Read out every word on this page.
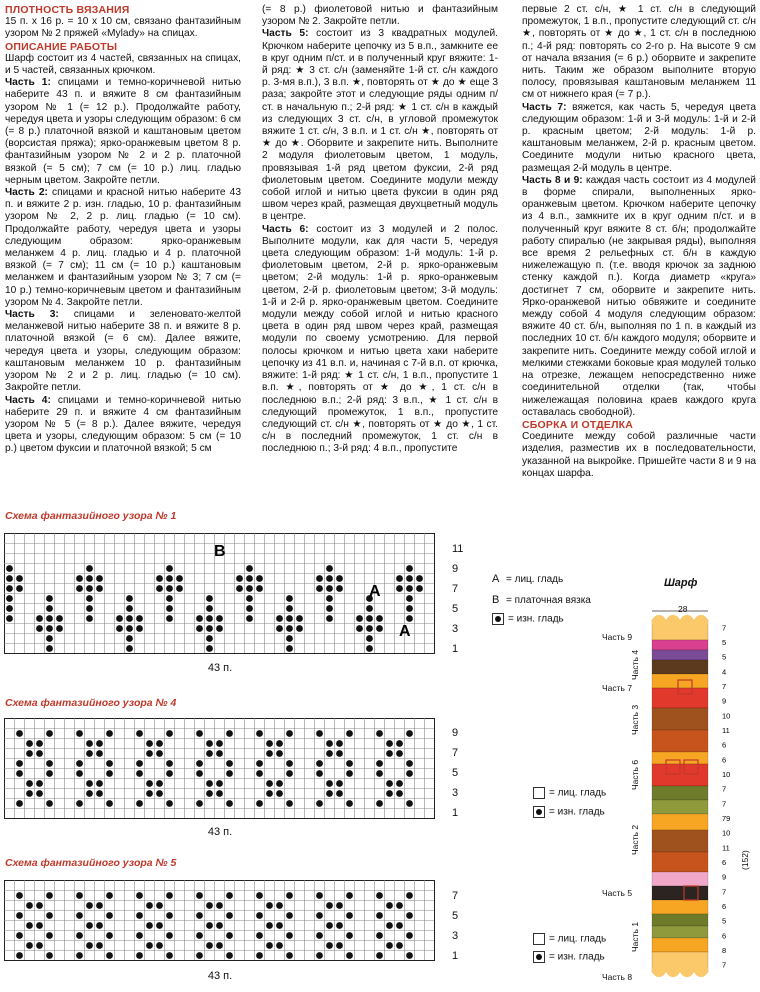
ПЛОТНОСТЬ ВЯЗАНИЯ

15 п. х 16 р. = 10 х 10 см, связано фантазийным узором № 2 пряжей «Mylady» на спицах.

ОПИСАНИЕ РАБОТЫ

Шарф состоит из 4 частей, связанных на спицах, и 5 частей, связанных крючком.

Часть 1: спицами и темно-коричневой нитью наберите 43 п. и вяжите 8 см фантазийным узором № 1 (= 12 р.). Продолжайте работу, чередуя цвета и узоры следующим образом: 6 см (= 8 р.) платочной вязкой и каштановым цветом (ворсистая пряжа); ярко-оранжевым цветом 8 р. фантазийным узором № 2 и 2 р. платочной вязкой (= 5 см); 7 см (= 10 р.) лиц. гладью черным цветом. Закройте петли.

Часть 2: спицами и красной нитью наберите 43 п. и вяжите 2 р. изн. гладью, 10 р. фантазийным узором № 2, 2 р. лиц. гладью (= 10 см). Продолжайте работу, чередуя цвета и узоры следующим образом: ярко-оранжевым меланжем 4 р. лиц. гладью и 4 р. платочной вязкой (= 7 см); 11 см (= 10 р.) каштановым меланжем и фантазийным узором № 3; 7 см (= 10 р.) темно-коричневым цветом и фантазийным узором № 4. Закройте петли.

Часть 3: спицами и зеленовато-желтой меланжевой нитью наберите 38 п. и вяжите 8 р. платочной вязкой (= 6 см). Далее вяжите, чередуя цвета и узоры, следующим образом: каштановым меланжем 10 р. фантазийным узором № 2 и 2 р. лиц. гладью (= 10 см). Закройте петли.

Часть 4: спицами и темно-коричневой нитью наберите 29 п. и вяжите 4 см фантазийным узором № 5 (= 8 р.). Далее вяжите, чередуя цвета и узоры, следующим образом: 5 см (= 10 р.) цветом фуксии и платочной вязкой; 5 см

(= 8 р.) фиолетовой нитью и фантазийным узором № 2. Закройте петли.

Часть 5: состоит из 3 квадратных модулей. Крючком наберите цепочку из 5 в.п., замкните ее в круг одним п/ст. и в полученный круг вяжите: 1-й ряд: ★ 3 ст. с/н (заменяйте 1-й ст. с/н каждого р. 3-мя в.п.), 3 в.п. ★, повторять от ★ до ★ еще 3 раза; закройте этот и следующие ряды одним п/ст. в начальную п.; 2-й ряд: ★ 1 ст. с/н в каждый из следующих 3 ст. с/н, в угловой промежуток вяжите 1 ст. с/н, 3 в.п. и 1 ст. с/н ★, повторять от ★ до ★. Оборвите и закрепите нить. Выполните 2 модуля фиолетовым цветом, 1 модуль, провязывая 1-й ряд цветом фуксии, 2-й ряд фиолетовым цветом. Соедините модули между собой иглой и нитью цвета фуксии в один ряд швом через край, размещая двухцветный модуль в центре.

Часть 6: состоит из 3 модулей и 2 полос. Выполните модули, как для части 5, чередуя цвета следующим образом: 1-й модуль: 1-й р. фиолетовым цветом, 2-й р. ярко-оранжевым цветом; 2-й модуль: 1-й р. ярко-оранжевым цветом, 2-й р. фиолетовым цветом; 3-й модуль: 1-й и 2-й р. ярко-оранжевым цветом. Соедините модули между собой иглой и нитью красного цвета в один ряд швом через край, размещая модули по своему усмотрению. Для первой полосы крючком и нитью цвета хаки наберите цепочку из 41 в.п. и, начиная с 7-й в.п. от крючка, вяжите: 1-й ряд: ★ 1 ст. с/н, 1 в.п., пропустите 1 в.п. ★, повторять от ★ до ★, 1 ст. с/н в последнюю в.п.; 2-й ряд: 3 в.п., ★ 1 ст. с/н в следующий промежуток, 1 в.п., пропустите следующий ст. с/н ★, повторять от ★ до ★, 1 ст. с/н в последний промежуток, 1 ст. с/н в последнюю п.; 3-й ряд: 4 в.п., пропустите

первые 2 ст. с/н, ★ 1 ст. с/н в следующий промежуток, 1 в.п., пропустите следующий ст. с/н ★, повторять от ★ до ★, 1 ст. с/н в последнюю п.; 4-й ряд: повторять со 2-го р. На высоте 9 см от начала вязания (= 6 р.) оборвите и закрепите нить. Таким же образом выполните вторую полосу, провязывая каштановым меланжем 11 см от нижнего края (= 7 р.).

Часть 7: вяжется, как часть 5, чередуя цвета следующим образом: 1-й и 3-й модуль: 1-й и 2-й р. красным цветом; 2-й модуль: 1-й р. каштановым меланжем, 2-й р. красным цветом. Соедините модули нитью красного цвета, размещая 2-й модуль в центре.

Часть 8 и 9: каждая часть состоит из 4 модулей в форме спирали, выполненных ярко-оранжевым цветом. Крючком наберите цепочку из 4 в.п., замкните их в круг одним п/ст. и в полученный круг вяжите 8 ст. б/н; продолжайте работу спиралью (не закрывая ряды), выполняя все время 2 рельефных ст. б/н в каждую нижележащую п. (т.е. вводя крючок за заднюю стенку каждой п.). Когда диаметр «круга» достигнет 7 см, оборвите и закрепите нить. Ярко-оранжевой нитью обвяжите и соедините между собой 4 модуля следующим образом: вяжите 40 ст. б/н, выполняя по 1 п. в каждый из последних 10 ст. б/н каждого модуля; оборвите и закрепите нить. Соедините между собой иглой и мелкими стежками боковые края модулей только на отрезке, лежащем непосредственно ниже соединительной отделки (так, чтобы нижележащая половина краев каждого круга оставалась свободной).

СБОРКА И ОТДЕЛКА

Соедините между собой различные части изделия, разместив их в последовательности, указанной на выкройке. Пришейте части 8 и 9 на концах шарфа.

Схема фантазийного узора № 1
B
A
A
11
9
7
5
3
1
43 п.
Схема фантазийного узора № 4
9
7
5
3
1
43 п.
Схема фантазийного узора № 5
7
5
3
1
43 п.
A = лиц. гладь
B = платочная вязка
= изн. гладь
= лиц. гладь
= изн. гладь
= лиц. гладь
= изн. гладь
Шарф
28
7
5
5
4
7
9
10
11
6
6
10
7
7
79
10
11
6
9
7
6
5
6
8
7
Часть 9
Часть 4
Часть 7
Часть 3
Часть 6
Часть 2
Часть 5
Часть 1
Часть 8
(152)
